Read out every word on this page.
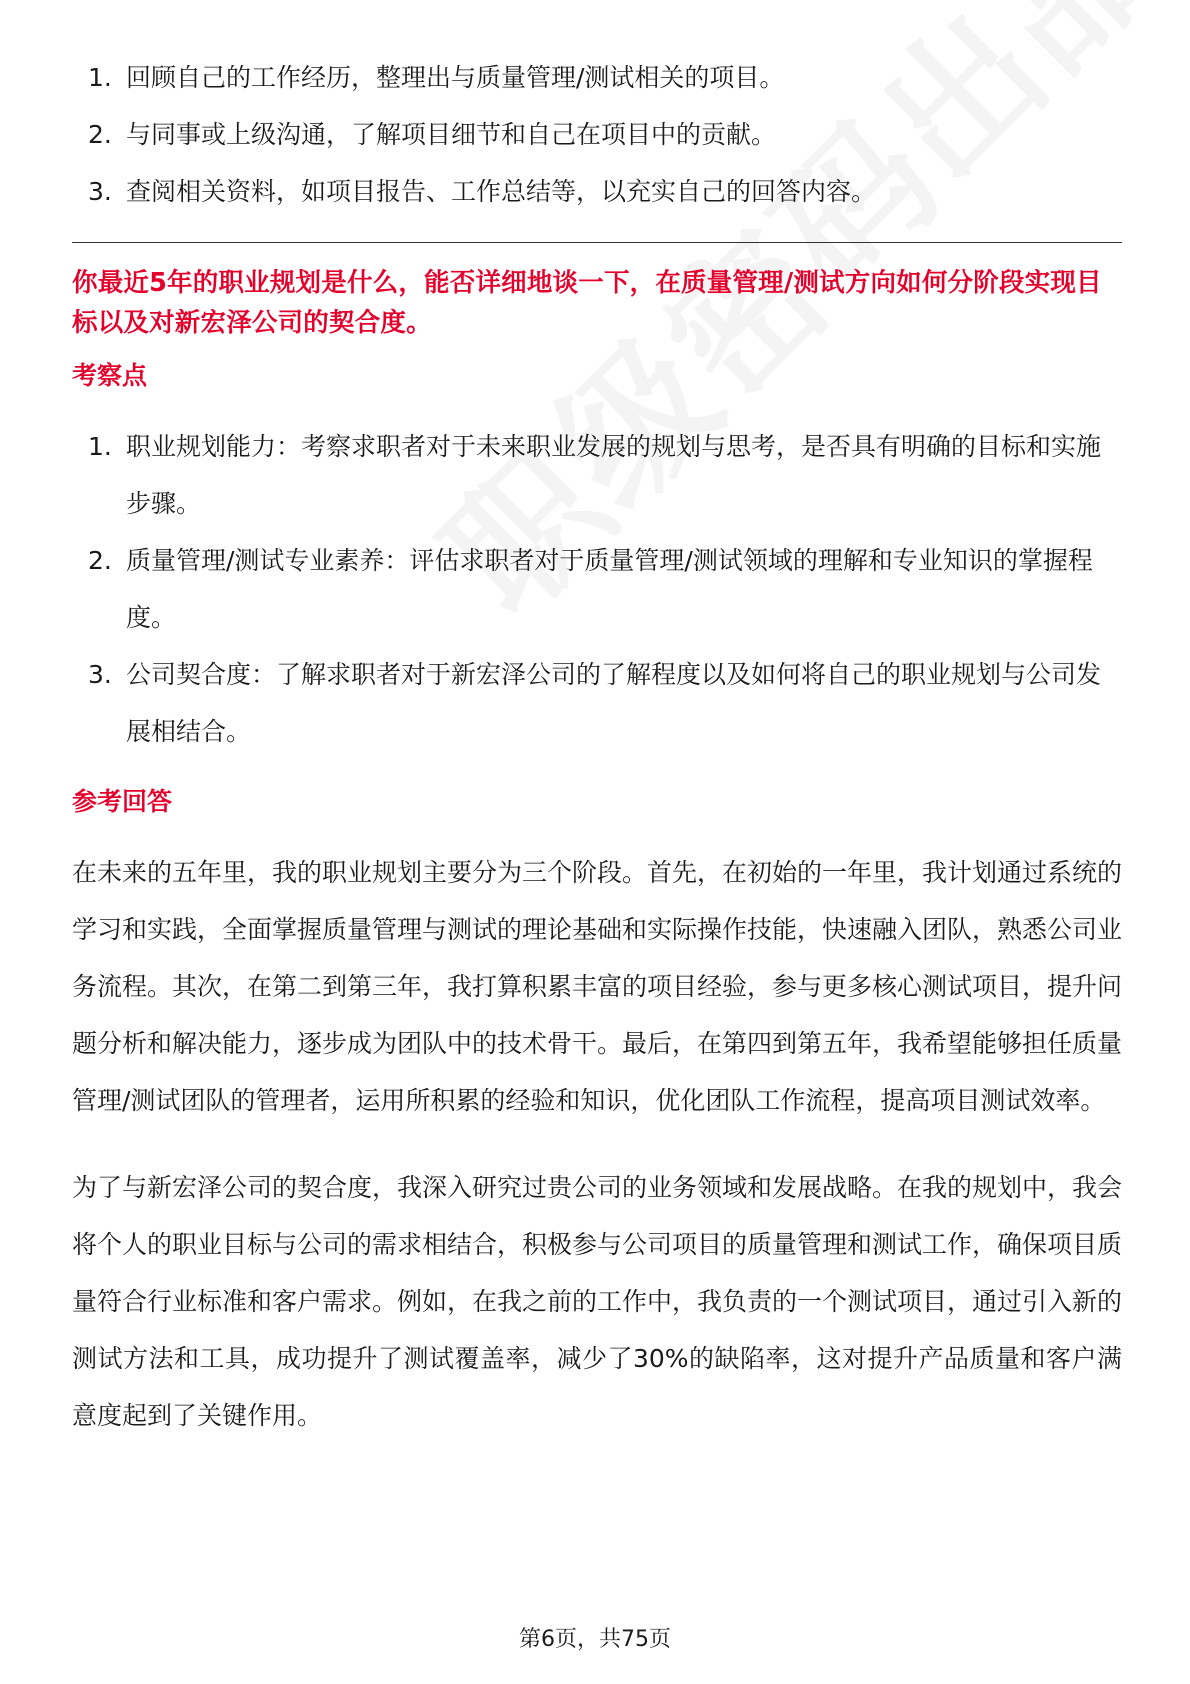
1. 回顾自己的工作经历，整理出与质量管理/测试相关的项目。
2. 与同事或上级沟通，了解项目细节和自己在项目中的贡献。
3. 查阅相关资料，如项目报告、工作总结等，以充实自己的回答内容。
你最近5年的职业规划是什么，能否详细地谈一下，在质量管理/测试方向如何分阶段实现目标以及对新宏泽公司的契合度。
考察点
1. 职业规划能力：考察求职者对于未来职业发展的规划与思考，是否具有明确的目标和实施步骤。
2. 质量管理/测试专业素养：评估求职者对于质量管理/测试领域的理解和专业知识的掌握程度。
3. 公司契合度：了解求职者对于新宏泽公司的了解程度以及如何将自己的职业规划与公司发展相结合。
参考回答

在未来的五年里，我的职业规划主要分为三个阶段。首先，在初始的一年里，我计划通过系统的学习和实践，全面掌握质量管理与测试的理论基础和实际操作技能，快速融入团队，熟悉公司业务流程。其次，在第二到第三年，我打算积累丰富的项目经验，参与更多核心测试项目，提升问题分析和解决能力，逐步成为团队中的技术骨干。最后，在第四到第五年，我希望能够担任质量管理/测试团队的管理者，运用所积累的经验和知识，优化团队工作流程，提高项目测试效率。

为了与新宏泽公司的契合度，我深入研究过贵公司的业务领域和发展战略。在我的规划中，我会将个人的职业目标与公司的需求相结合，积极参与公司项目的质量管理和测试工作，确保项目质量符合行业标准和客户需求。例如，在我之前的工作中，我负责的一个测试项目，通过引入新的测试方法和工具，成功提升了测试覆盖率，减少了30%的缺陷率，这对提升产品质量和客户满意度起到了关键作用。

第6页，共75页
